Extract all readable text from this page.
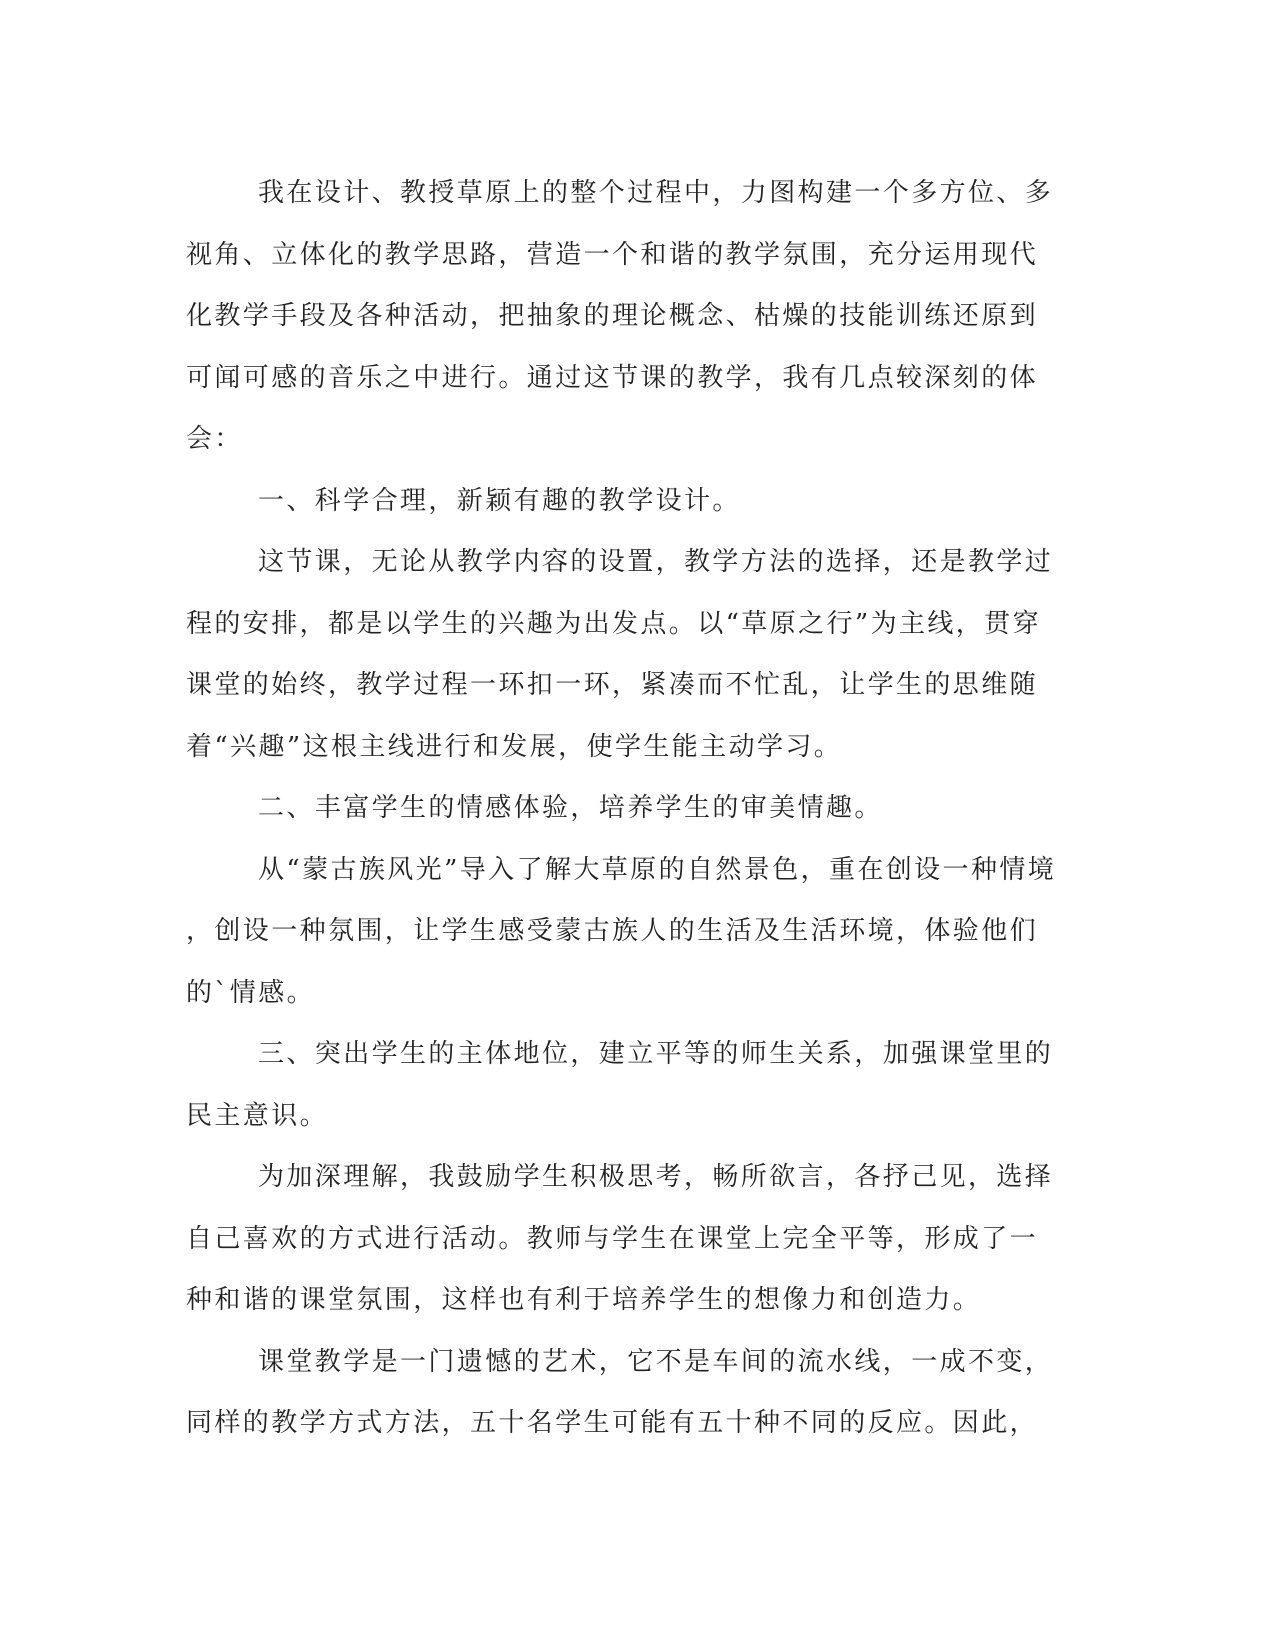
我在设计、教授草原上的整个过程中，力图构建一个多方位、多
视角、立体化的教学思路，营造一个和谐的教学氛围，充分运用现代
化教学手段及各种活动，把抽象的理论概念、枯燥的技能训练还原到
可闻可感的音乐之中进行。通过这节课的教学，我有几点较深刻的体
会：
一、科学合理，新颖有趣的教学设计。
这节课，无论从教学内容的设置，教学方法的选择，还是教学过
程的安排，都是以学生的兴趣为出发点。以“草原之行”为主线，贯穿
课堂的始终，教学过程一环扣一环，紧凑而不忙乱，让学生的思维随
着“兴趣”这根主线进行和发展，使学生能主动学习。
二、丰富学生的情感体验，培养学生的审美情趣。
从“蒙古族风光”导入了解大草原的自然景色，重在创设一种情境
，创设一种氛围，让学生感受蒙古族人的生活及生活环境，体验他们
的`情感。
三、突出学生的主体地位，建立平等的师生关系，加强课堂里的
民主意识。
为加深理解，我鼓励学生积极思考，畅所欲言，各抒己见，选择
自己喜欢的方式进行活动。教师与学生在课堂上完全平等，形成了一
种和谐的课堂氛围，这样也有利于培养学生的想像力和创造力。
课堂教学是一门遗憾的艺术，它不是车间的流水线，一成不变，
同样的教学方式方法，五十名学生可能有五十种不同的反应。因此，
